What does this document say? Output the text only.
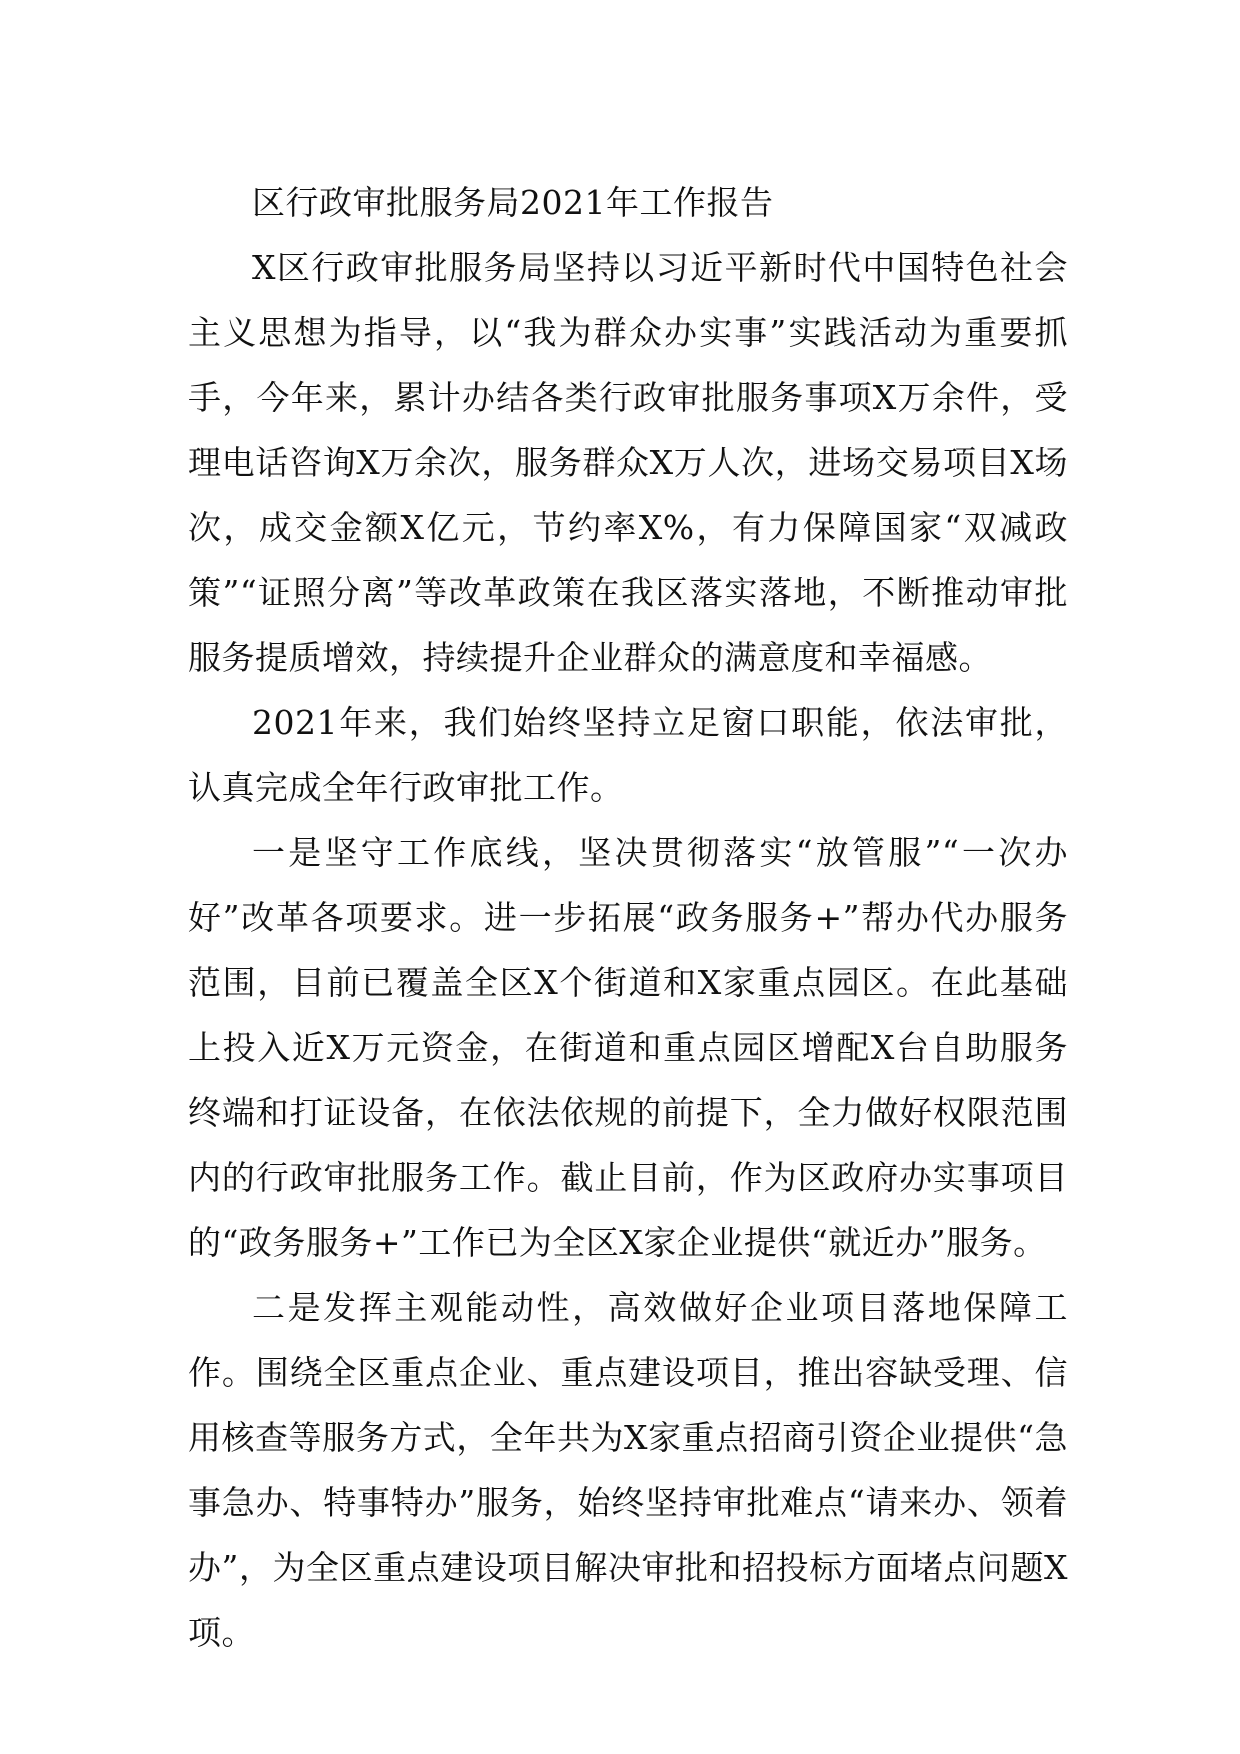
区行政审批服务局2021年工作报告

X区行政审批服务局坚持以习近平新时代中国特色社会主义思想为指导，以“我为群众办实事”实践活动为重要抓手，今年来，累计办结各类行政审批服务事项X万余件，受理电话咨询X万余次，服务群众X万人次，进场交易项目X场次，成交金额X亿元，节约率X%，有力保障国家“双减政策”“证照分离”等改革政策在我区落实落地，不断推动审批服务提质增效，持续提升企业群众的满意度和幸福感。

2021年来，我们始终坚持立足窗口职能，依法审批，认真完成全年行政审批工作。

一是坚守工作底线，坚决贯彻落实“放管服”“一次办好”改革各项要求。进一步拓展“政务服务+”帮办代办服务范围，目前已覆盖全区X个街道和X家重点园区。在此基础上投入近X万元资金，在街道和重点园区增配X台自助服务终端和打证设备，在依法依规的前提下，全力做好权限范围内的行政审批服务工作。截止目前，作为区政府办实事项目的“政务服务+”工作已为全区X家企业提供“就近办”服务。

二是发挥主观能动性，高效做好企业项目落地保障工作。围绕全区重点企业、重点建设项目，推出容缺受理、信用核查等服务方式，全年共为X家重点招商引资企业提供“急事急办、特事特办”服务，始终坚持审批难点“请来办、领着办”，为全区重点建设项目解决审批和招投标方面堵点问题X项。
